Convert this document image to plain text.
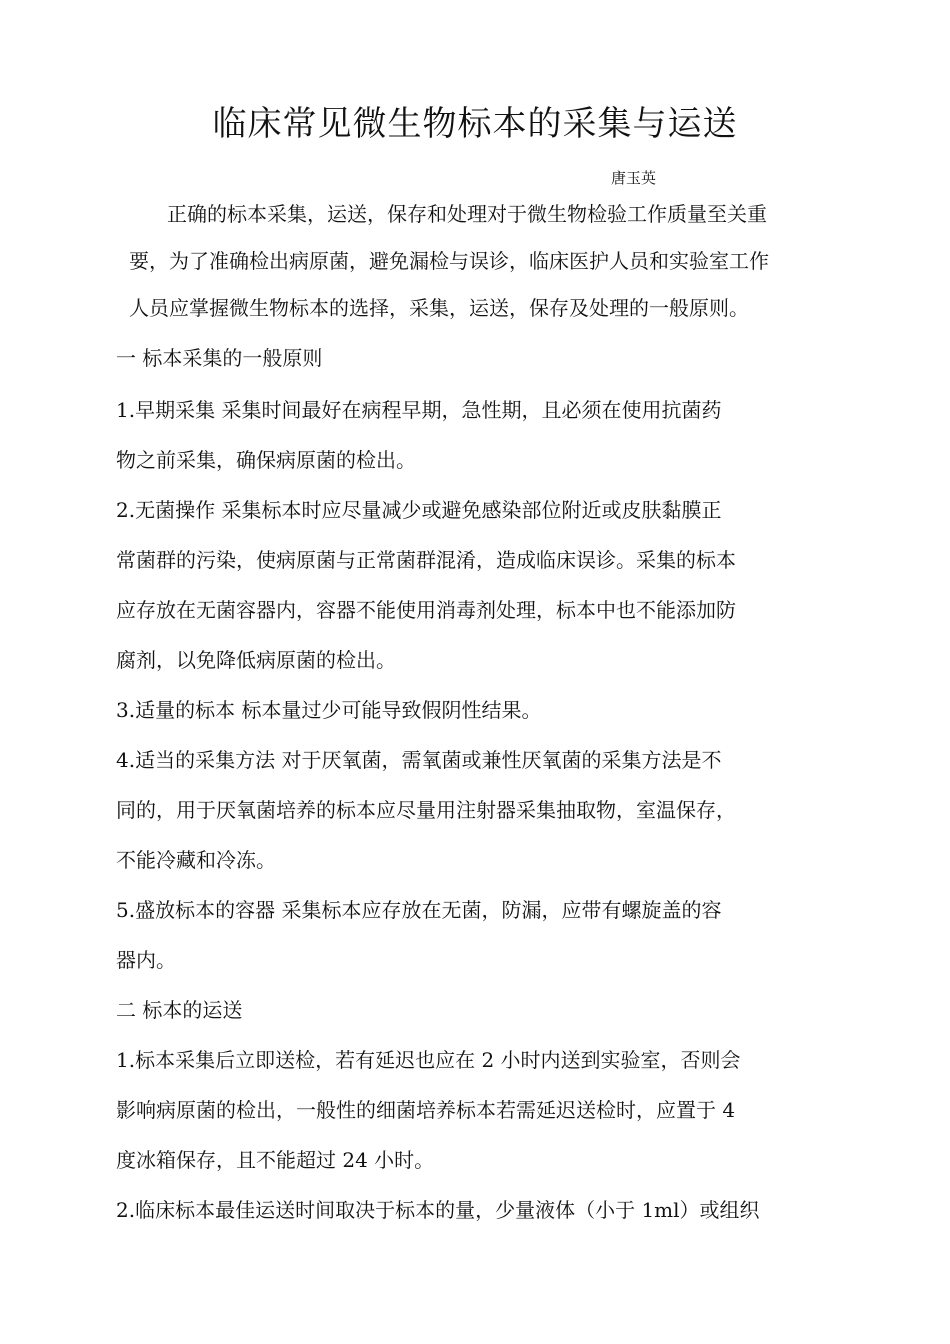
临床常见微生物标本的采集与运送
唐玉英

正确的标本采集，运送，保存和处理对于微生物检验工作质量至关重

要，为了准确检出病原菌，避免漏检与误诊，临床医护人员和实验室工作

人员应掌握微生物标本的选择，采集，运送，保存及处理的一般原则。

一 标本采集的一般原则

1.早期采集 采集时间最好在病程早期，急性期，且必须在使用抗菌药

物之前采集，确保病原菌的检出。

2.无菌操作 采集标本时应尽量减少或避免感染部位附近或皮肤黏膜正

常菌群的污染，使病原菌与正常菌群混淆，造成临床误诊。采集的标本

应存放在无菌容器内，容器不能使用消毒剂处理，标本中也不能添加防

腐剂，以免降低病原菌的检出。

3.适量的标本 标本量过少可能导致假阴性结果。

4.适当的采集方法 对于厌氧菌，需氧菌或兼性厌氧菌的采集方法是不

同的，用于厌氧菌培养的标本应尽量用注射器采集抽取物，室温保存，

不能冷藏和冷冻。

5.盛放标本的容器 采集标本应存放在无菌，防漏，应带有螺旋盖的容

器内。

二 标本的运送

1.标本采集后立即送检，若有延迟也应在 2 小时内送到实验室，否则会

影响病原菌的检出，一般性的细菌培养标本若需延迟送检时，应置于 4

度冰箱保存，且不能超过 24 小时。

2.临床标本最佳运送时间取决于标本的量，少量液体（小于 1ml）或组织
